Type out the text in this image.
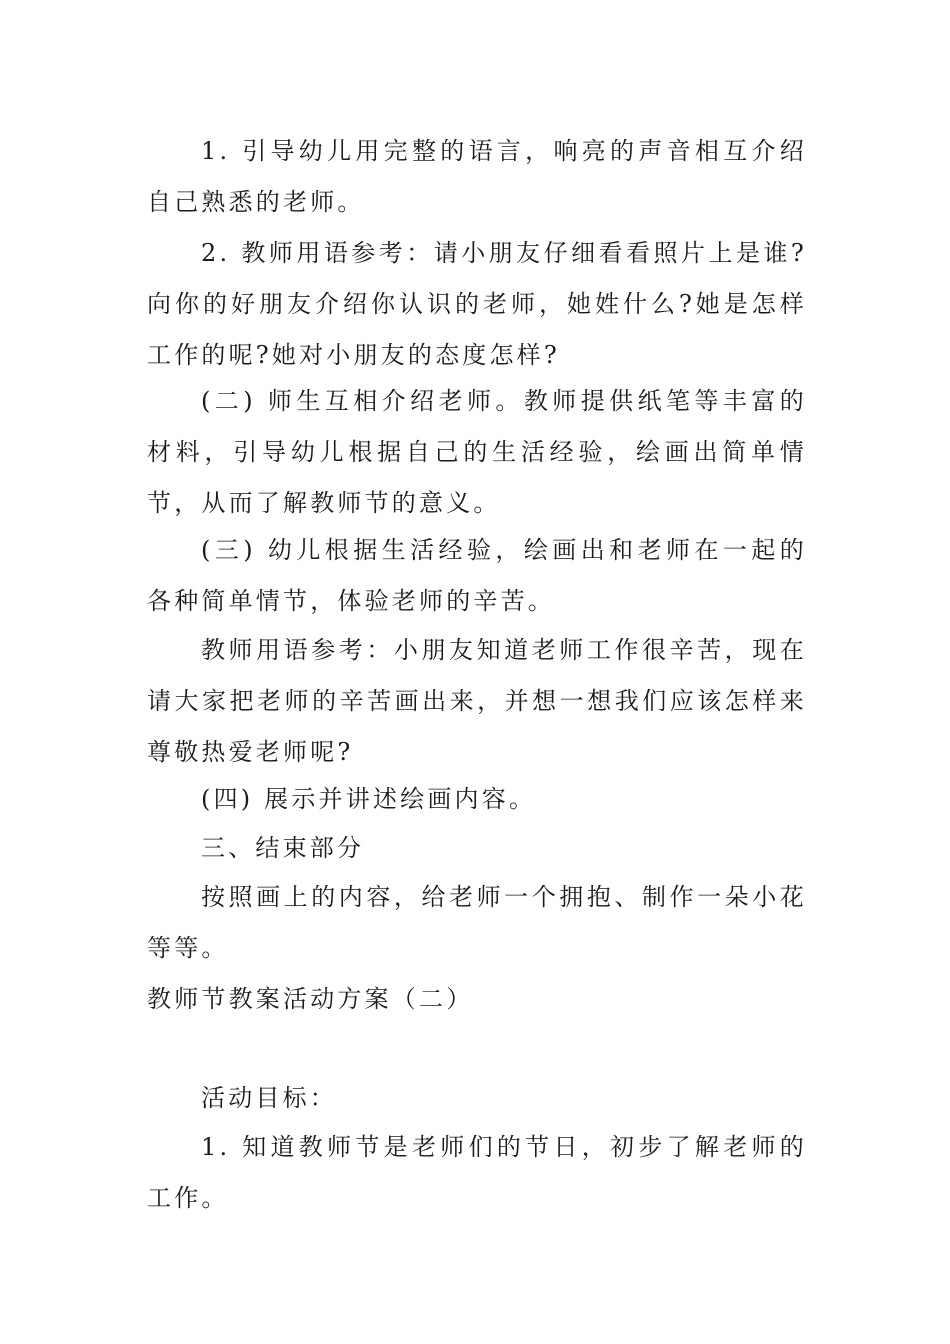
1. 引导幼儿用完整的语言，响亮的声音相互介绍自己熟悉的老师。

2. 教师用语参考：请小朋友仔细看看照片上是谁?向你的好朋友介绍你认识的老师，她姓什么?她是怎样工作的呢?她对小朋友的态度怎样?

(二) 师生互相介绍老师。教师提供纸笔等丰富的材料，引导幼儿根据自己的生活经验，绘画出简单情节，从而了解教师节的意义。

(三) 幼儿根据生活经验，绘画出和老师在一起的各种简单情节，体验老师的辛苦。

教师用语参考：小朋友知道老师工作很辛苦，现在请大家把老师的辛苦画出来，并想一想我们应该怎样来尊敬热爱老师呢?

(四) 展示并讲述绘画内容。

三、结束部分

按照画上的内容，给老师一个拥抱、制作一朵小花等等。

教师节教案活动方案（二）

活动目标：

1. 知道教师节是老师们的节日，初步了解老师的工作。
